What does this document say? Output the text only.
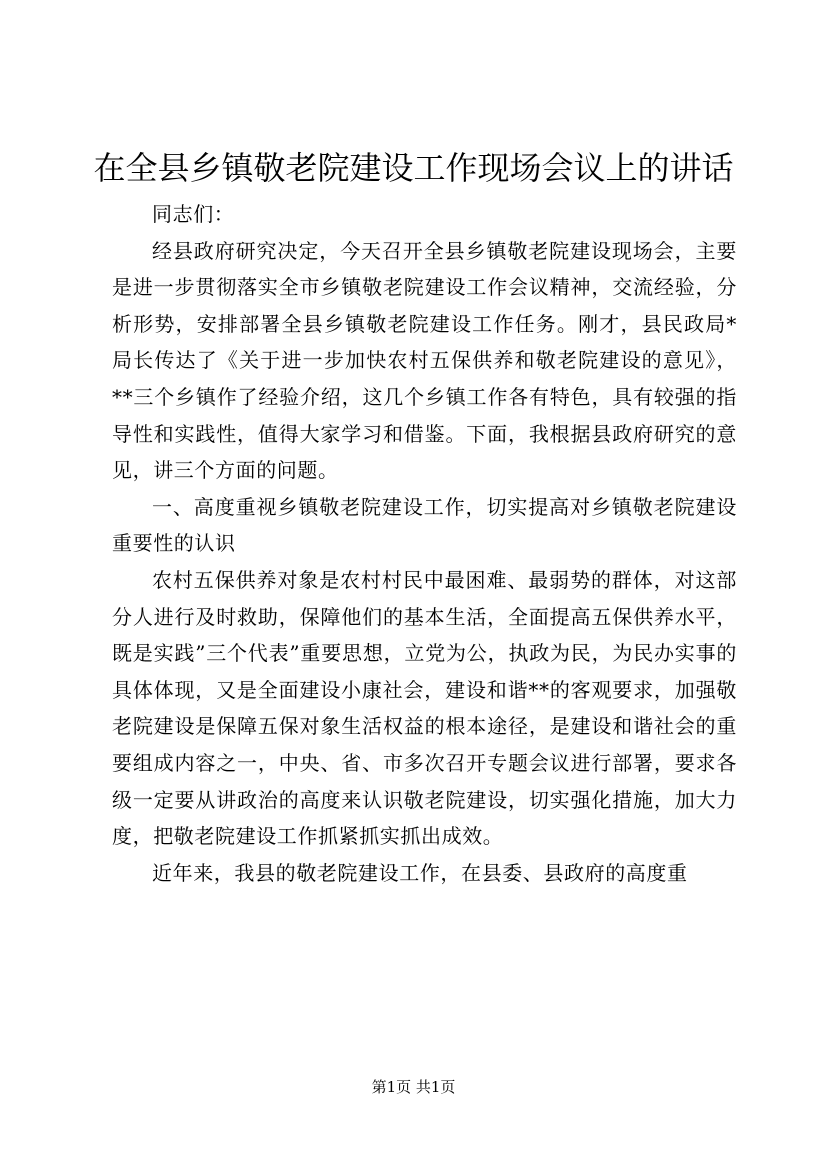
在全县乡镇敬老院建设工作现场会议上的讲话

同志们：

经县政府研究决定，今天召开全县乡镇敬老院建设现场会，主要是进一步贯彻落实全市乡镇敬老院建设工作会议精神，交流经验，分析形势，安排部署全县乡镇敬老院建设工作任务。刚才，县民政局*局长传达了《关于进一步加快农村五保供养和敬老院建设的意见》，**三个乡镇作了经验介绍，这几个乡镇工作各有特色，具有较强的指导性和实践性，值得大家学习和借鉴。下面，我根据县政府研究的意见，讲三个方面的问题。

一、高度重视乡镇敬老院建设工作，切实提高对乡镇敬老院建设重要性的认识

农村五保供养对象是农村村民中最困难、最弱势的群体，对这部分人进行及时救助，保障他们的基本生活，全面提高五保供养水平，既是实践”三个代表”重要思想，立党为公，执政为民，为民办实事的具体体现，又是全面建设小康社会，建设和谐**的客观要求，加强敬老院建设是保障五保对象生活权益的根本途径，是建设和谐社会的重要组成内容之一，中央、省、市多次召开专题会议进行部署，要求各级一定要从讲政治的高度来认识敬老院建设，切实强化措施，加大力度，把敬老院建设工作抓紧抓实抓出成效。

近年来，我县的敬老院建设工作，在县委、县政府的高度重

第1页 共1页
